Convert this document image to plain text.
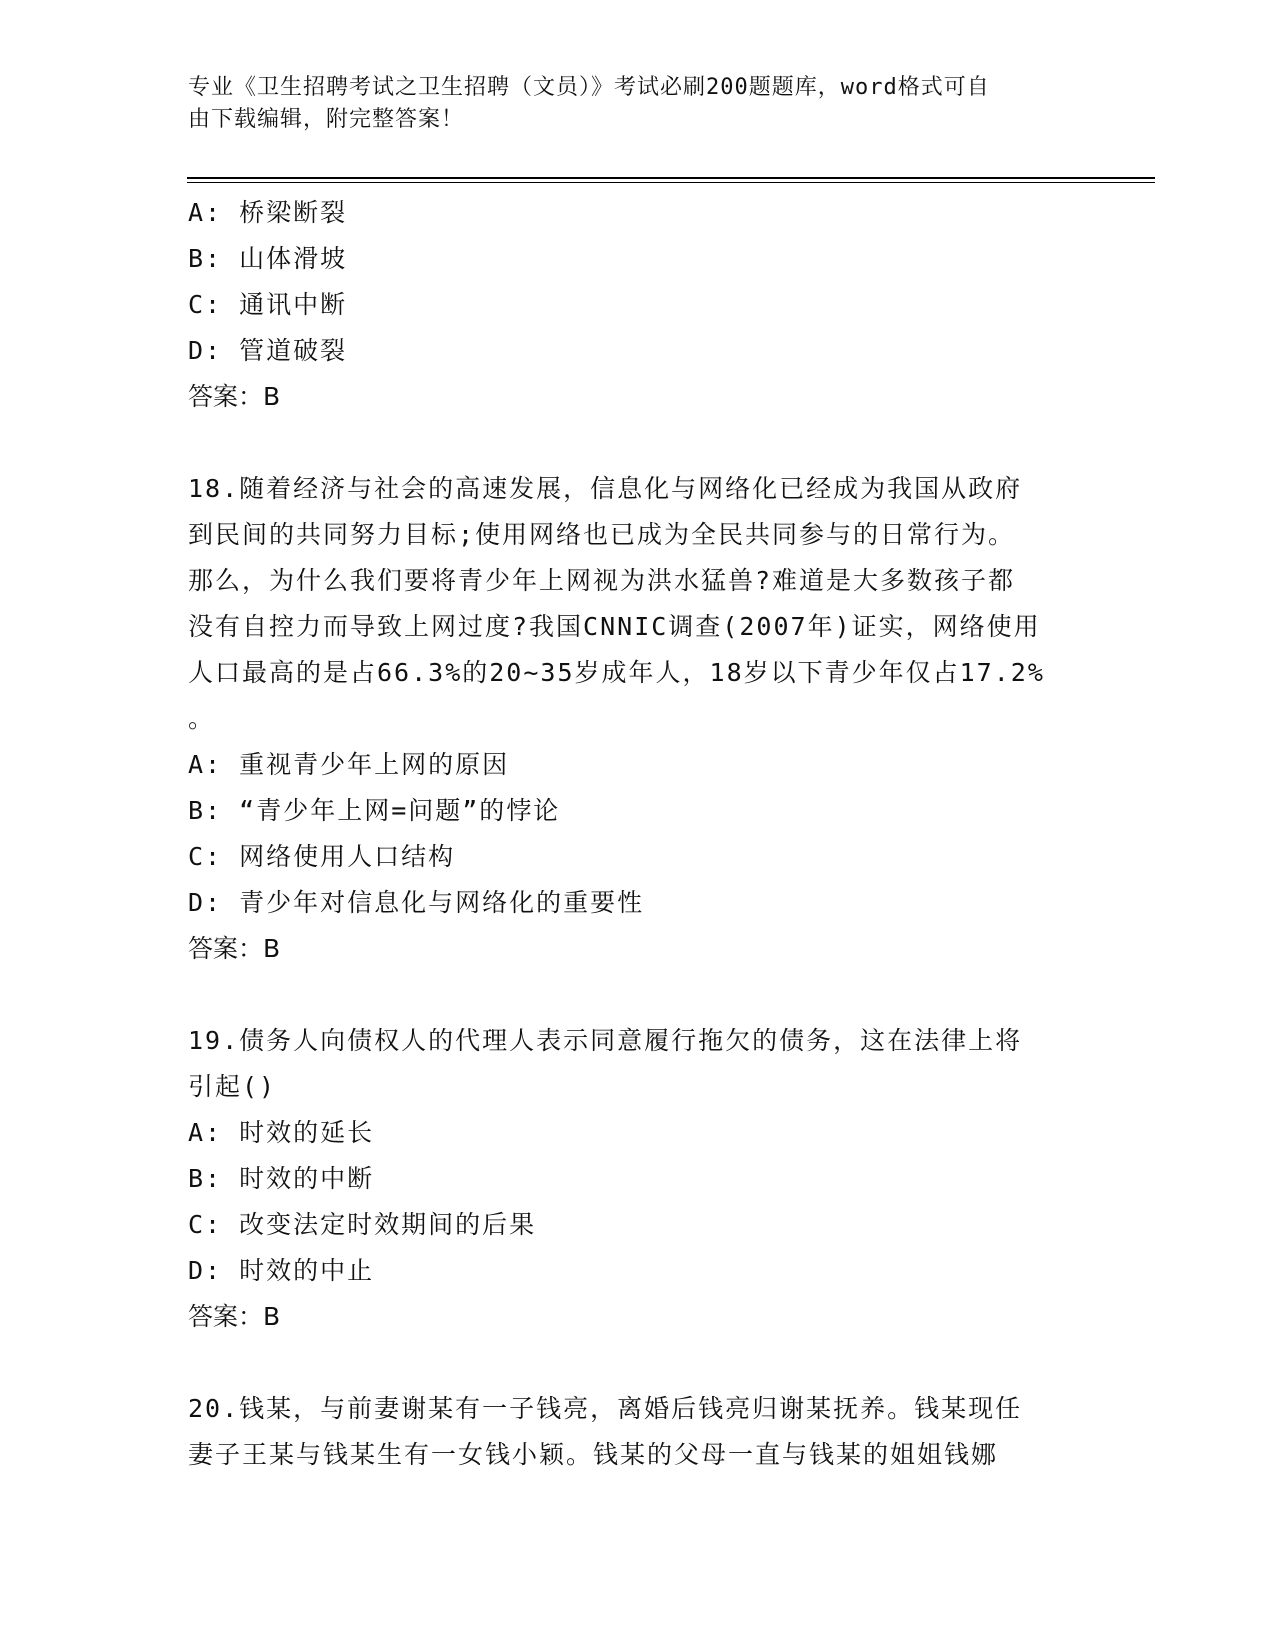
专业《卫生招聘考试之卫生招聘（文员）》考试必刷200题题库，word格式可自
由下载编辑，附完整答案！
A: 桥梁断裂
B: 山体滑坡
C: 通讯中断
D: 管道破裂
答案：B
18.随着经济与社会的高速发展，信息化与网络化已经成为我国从政府
到民间的共同努力目标;使用网络也已成为全民共同参与的日常行为。
那么，为什么我们要将青少年上网视为洪水猛兽?难道是大多数孩子都
没有自控力而导致上网过度?我国CNNIC调查(2007年)证实，网络使用
人口最高的是占66.3%的20~35岁成年人，18岁以下青少年仅占17.2%
。
A: 重视青少年上网的原因
B: “青少年上网=问题”的悖论
C: 网络使用人口结构
D: 青少年对信息化与网络化的重要性
答案：B
19.债务人向债权人的代理人表示同意履行拖欠的债务，这在法律上将
引起()
A: 时效的延长
B: 时效的中断
C: 改变法定时效期间的后果
D: 时效的中止
答案：B
20.钱某，与前妻谢某有一子钱亮，离婚后钱亮归谢某抚养。钱某现任
妻子王某与钱某生有一女钱小颖。钱某的父母一直与钱某的姐姐钱娜
